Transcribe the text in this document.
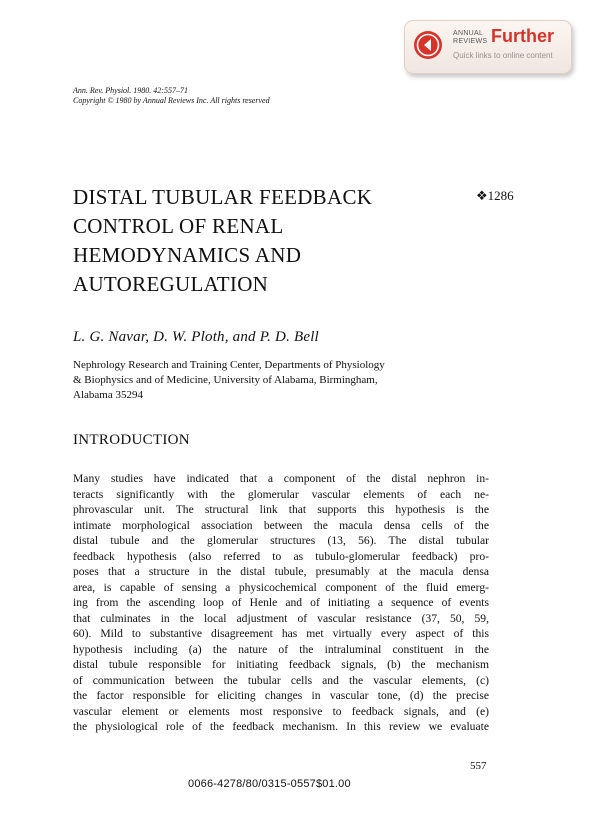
ANNUAL
REVIEWS Further
Quick links to online content
Ann. Rev. Physiol. 1980. 42:557–71
Copyright © 1980 by Annual Reviews Inc. All rights reserved
DISTAL TUBULAR FEEDBACK
CONTROL OF RENAL
HEMODYNAMICS AND
AUTOREGULATION
❖1286
L. G. Navar, D. W. Ploth, and P. D. Bell
Nephrology Research and Training Center, Departments of Physiology
& Biophysics and of Medicine, University of Alabama, Birmingham,
Alabama 35294
INTRODUCTION
Many studies have indicated that a component of the distal nephron in-
teracts significantly with the glomerular vascular elements of each ne-
phrovascular unit. The structural link that supports this hypothesis is the
intimate morphological association between the macula densa cells of the
distal tubule and the glomerular structures (13, 56). The distal tubular
feedback hypothesis (also referred to as tubulo-glomerular feedback) pro-
poses that a structure in the distal tubule, presumably at the macula densa
area, is capable of sensing a physicochemical component of the fluid emerg-
ing from the ascending loop of Henle and of initiating a sequence of events
that culminates in the local adjustment of vascular resistance (37, 50, 59,
60). Mild to substantive disagreement has met virtually every aspect of this
hypothesis including (a) the nature of the intraluminal constituent in the
distal tubule responsible for initiating feedback signals, (b) the mechanism
of communication between the tubular cells and the vascular elements, (c)
the factor responsible for eliciting changes in vascular tone, (d) the precise
vascular element or elements most responsive to feedback signals, and (e)
the physiological role of the feedback mechanism. In this review we evaluate
557
0066-4278/80/0315-0557$01.00
